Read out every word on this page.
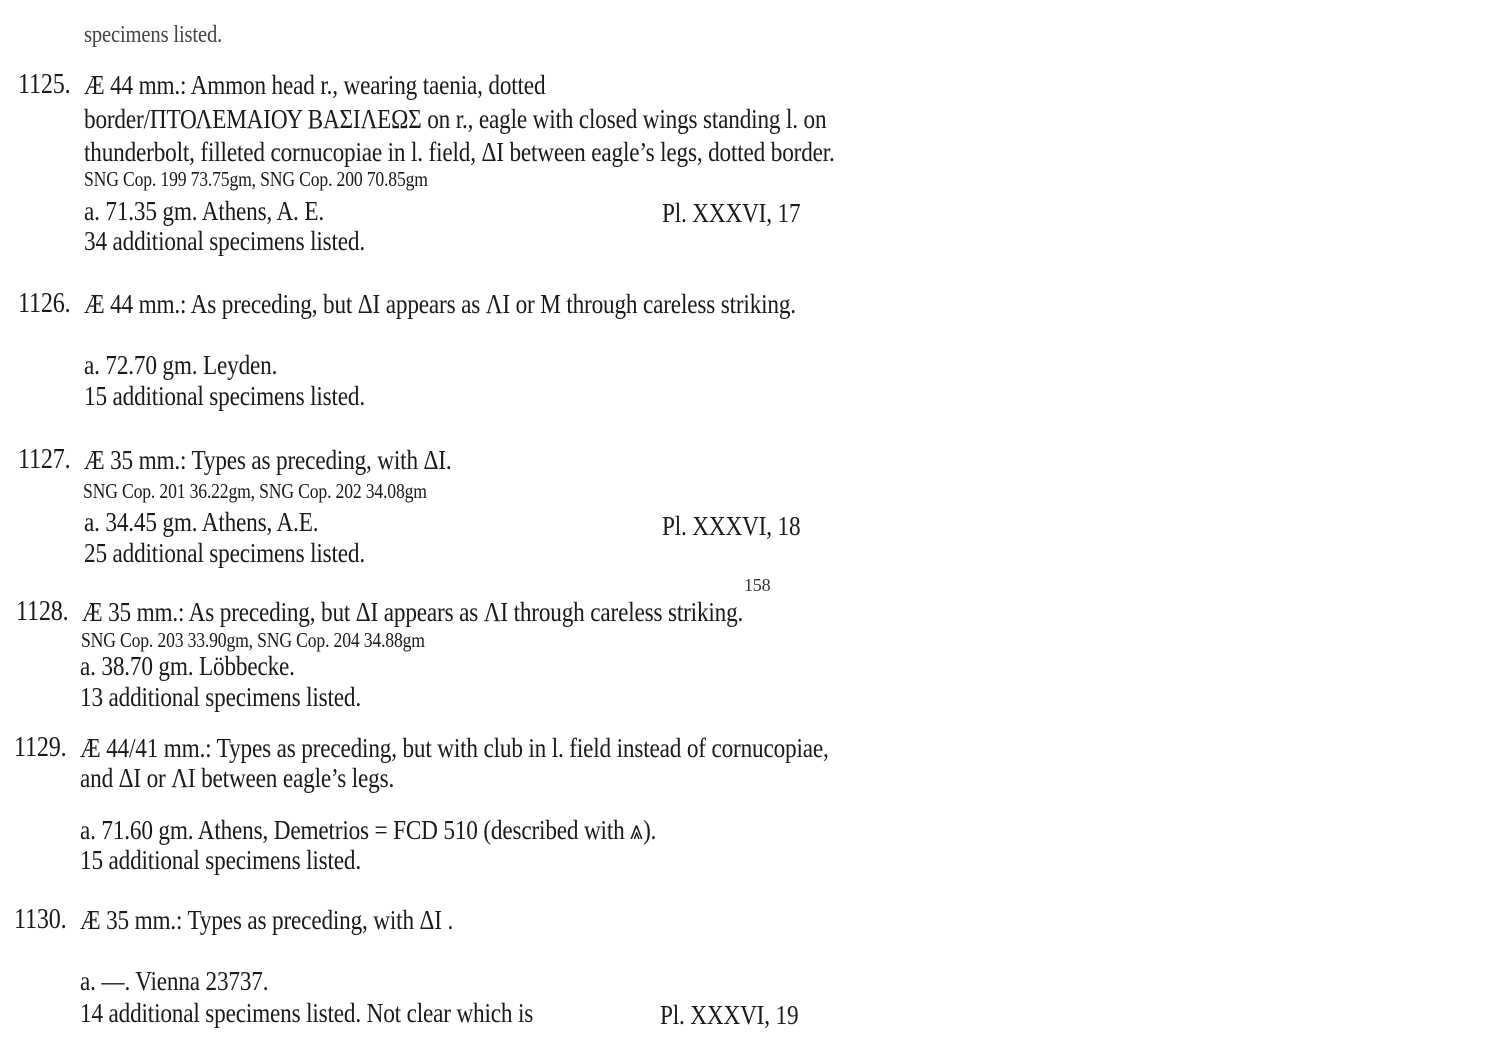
specimens listed.
1125. Æ 44 mm.: Ammon head r., wearing taenia, dotted
border/ΠΤΟΛΕΜΑΙΟΥ ΒΑΣΙΛΕΩΣ on r., eagle with closed wings standing l. on
thunderbolt, filleted cornucopiae in l. field, ΔΙ between eagle’s legs, dotted border.
SNG Cop. 199 73.75gm, SNG Cop. 200 70.85gm
a. 71.35 gm. Athens, A. E.	Pl. XXXVI, 17
34 additional specimens listed.
1126. Æ 44 mm.: As preceding, but ΔΙ appears as ΛΙ or Μ through careless striking.
a. 72.70 gm. Leyden.
15 additional specimens listed.
1127. Æ 35 mm.: Types as preceding, with ΔΙ.
SNG Cop. 201 36.22gm, SNG Cop. 202 34.08gm
a. 34.45 gm. Athens, A.E.	Pl. XXXVI, 18
25 additional specimens listed.
158
1128. Æ 35 mm.: As preceding, but ΔΙ appears as ΛΙ through careless striking.
SNG Cop. 203 33.90gm, SNG Cop. 204 34.88gm
a. 38.70 gm. Löbbecke.
13 additional specimens listed.
1129. Æ 44/41 mm.: Types as preceding, but with club in l. field instead of cornucopiae,
and ΔΙ or ΛΙ between eagle’s legs.
a. 71.60 gm. Athens, Demetrios = FCD 510 (described with ⩓).
15 additional specimens listed.
1130. Æ 35 mm.: Types as preceding, with ΔΙ .
a. —. Vienna 23737.
Pl. XXXVI, 19
14 additional specimens listed. Not clear which is
